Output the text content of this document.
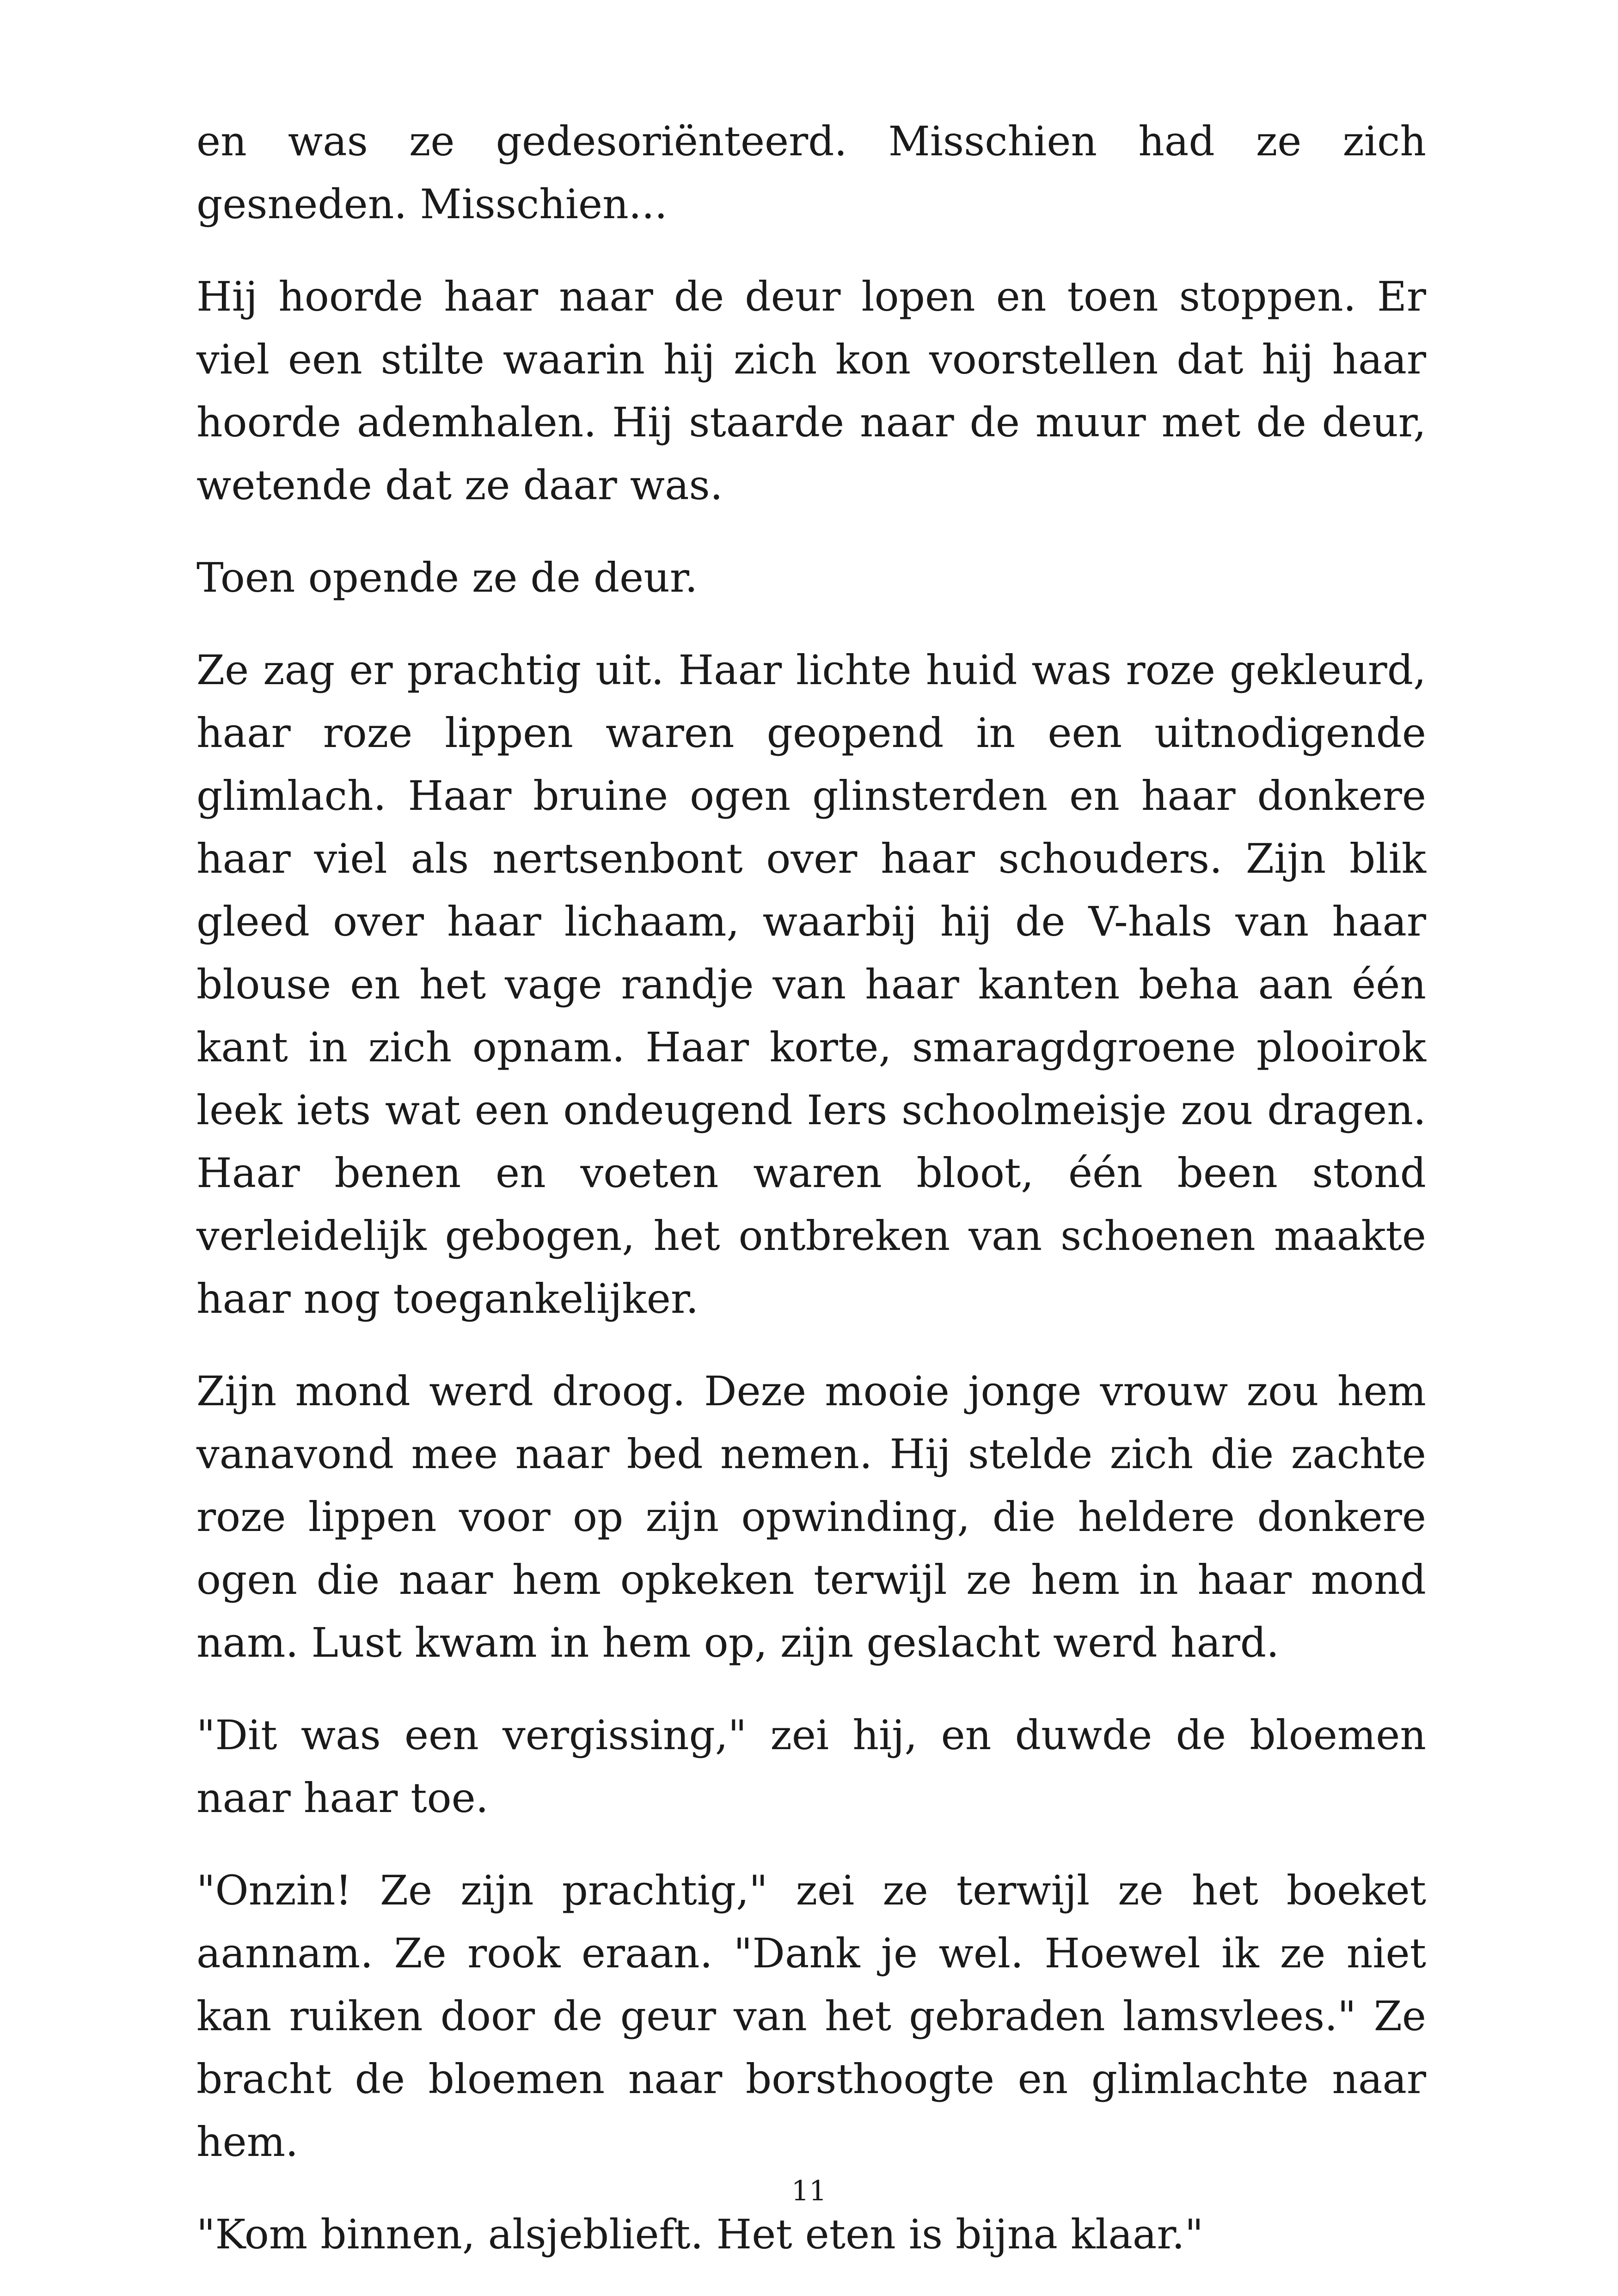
en was ze gedesoriënteerd. Misschien had ze zich gesneden. Misschien...

Hij hoorde haar naar de deur lopen en toen stoppen. Er viel een stilte waarin hij zich kon voorstellen dat hij haar hoorde ademhalen. Hij staarde naar de muur met de deur, wetende dat ze daar was.

Toen opende ze de deur.

Ze zag er prachtig uit. Haar lichte huid was roze gekleurd, haar roze lippen waren geopend in een uitnodigende glimlach. Haar bruine ogen glinsterden en haar donkere haar viel als nertsenbont over haar schouders. Zijn blik gleed over haar lichaam, waarbij hij de V-hals van haar blouse en het vage randje van haar kanten beha aan één kant in zich opnam. Haar korte, smaragdgroene plooirok leek iets wat een ondeugend Iers schoolmeisje zou dragen. Haar benen en voeten waren bloot, één been stond verleidelijk gebogen, het ontbreken van schoenen maakte haar nog toegankelijker.

Zijn mond werd droog. Deze mooie jonge vrouw zou hem vanavond mee naar bed nemen. Hij stelde zich die zachte roze lippen voor op zijn opwinding, die heldere donkere ogen die naar hem opkeken terwijl ze hem in haar mond nam. Lust kwam in hem op, zijn geslacht werd hard.

"Dit was een vergissing," zei hij, en duwde de bloemen naar haar toe.

"Onzin! Ze zijn prachtig," zei ze terwijl ze het boeket aannam. Ze rook eraan. "Dank je wel. Hoewel ik ze niet kan ruiken door de geur van het gebraden lamsvlees." Ze bracht de bloemen naar borsthoogte en glimlachte naar hem.

"Kom binnen, alsjeblieft. Het eten is bijna klaar."

11
